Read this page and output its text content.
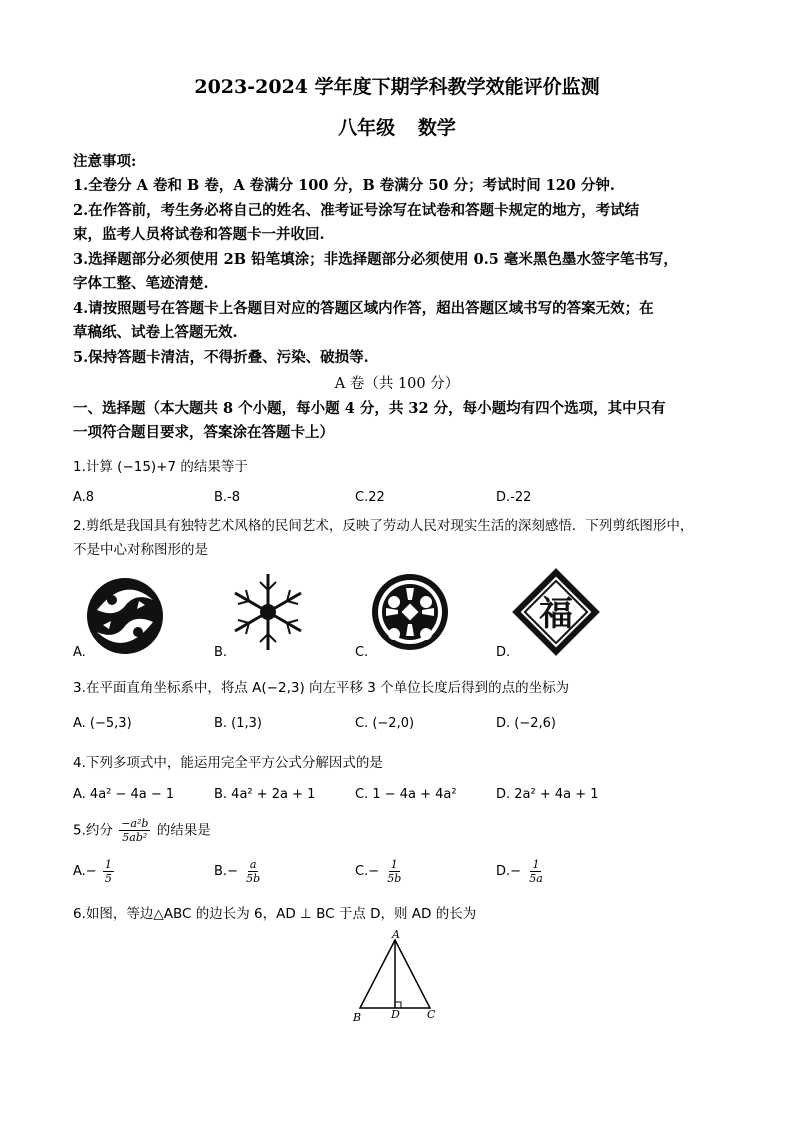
2023-2024 学年度下期学科教学效能评价监测
八年级 数学
注意事项:
1.全卷分 A 卷和 B 卷，A 卷满分 100 分，B 卷满分 50 分；考试时间 120 分钟.
2.在作答前，考生务必将自己的姓名、准考证号涂写在试卷和答题卡规定的地方，考试结
束，监考人员将试卷和答题卡一并收回.
3.选择题部分必须使用 2B 铅笔填涂；非选择题部分必须使用 0.5 毫米黑色墨水签字笔书写，
字体工整、笔迹清楚.
4.请按照题号在答题卡上各题目对应的答题区域内作答，超出答题区域书写的答案无效；在
草稿纸、试卷上答题无效.
5.保持答题卡清洁，不得折叠、污染、破损等.
A 卷（共 100 分）
一、选择题（本大题共 8 个小题，每小题 4 分，共 32 分，每小题均有四个选项，其中只有
一项符合题目要求，答案涂在答题卡上）
1.计算 (−15)+7 的结果等于
A.8	B.-8	C.22	D.-22
2.剪纸是我国具有独特艺术风格的民间艺术，反映了劳动人民对现实生活的深刻感悟．下列剪纸图形中，
不是中心对称图形的是
福
A.	B.	C.	D.
3.在平面直角坐标系中，将点 A(−2,3) 向左平移 3 个单位长度后得到的点的坐标为
A. (−5,3)	B. (1,3)	C. (−2,0)	D. (−2,6)
4.下列多项式中，能运用完全平方公式分解因式的是
A. 4a² − 4a − 1	B. 4a² + 2a + 1	C. 1 − 4a + 4a²	D. 2a² + 4a + 1
5.约分 $\frac{\text{−a²b}}{\text{5ab²}}$ 的结果是
$A.- \frac{1}{5}$	$B.- \frac{a}{5b}$	$C.- \frac{1}{5b}$	$D.- \frac{1}{5a}$
6.如图，等边△ABC 的边长为 6，AD ⊥ BC 于点 D，则 AD 的长为
A
B	D C
